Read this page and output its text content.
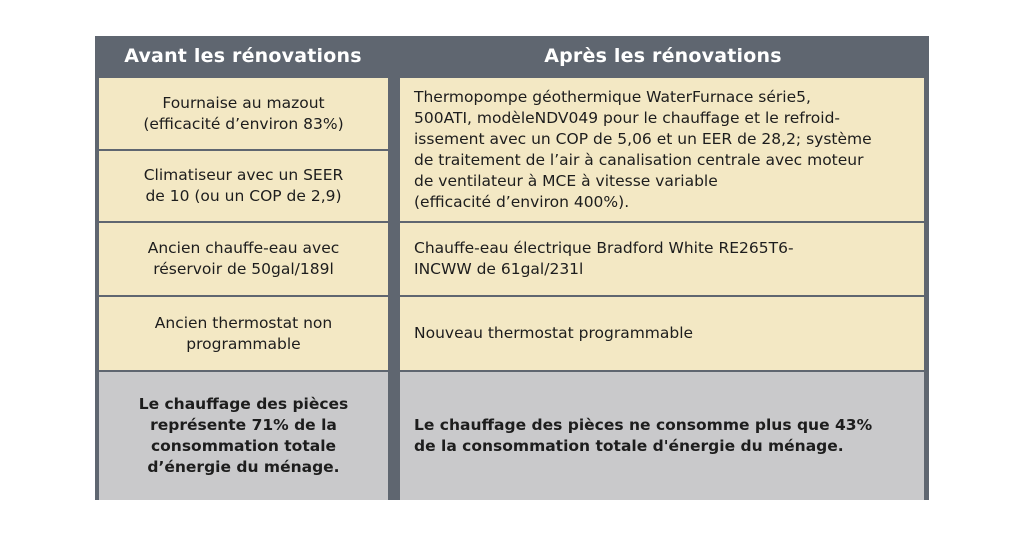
Avant les rénovations	Après les rénovations
Fournaise au mazout
(efficacité d’environ 83%)
Climatiseur avec un SEER
de 10 (ou un COP de 2,9)
Thermopompe géothermique WaterFurnace série5,
500ATI, modèleNDV049 pour le chauffage et le refroid-
issement avec un COP de 5,06 et un EER de 28,2; système
de traitement de l’air à canalisation centrale avec moteur
de ventilateur à MCE à vitesse variable
(efficacité d’environ 400%).
Ancien chauffe-eau avec
réservoir de 50gal/189l
Chauffe-eau électrique Bradford White RE265T6-
INCWW de 61gal/231l
Ancien thermostat non
programmable
Nouveau thermostat programmable
Le chauffage des pièces
représente 71% de la
consommation totale
d’énergie du ménage.
Le chauffage des pièces ne consomme plus que 43%
de la consommation totale d'énergie du ménage.
